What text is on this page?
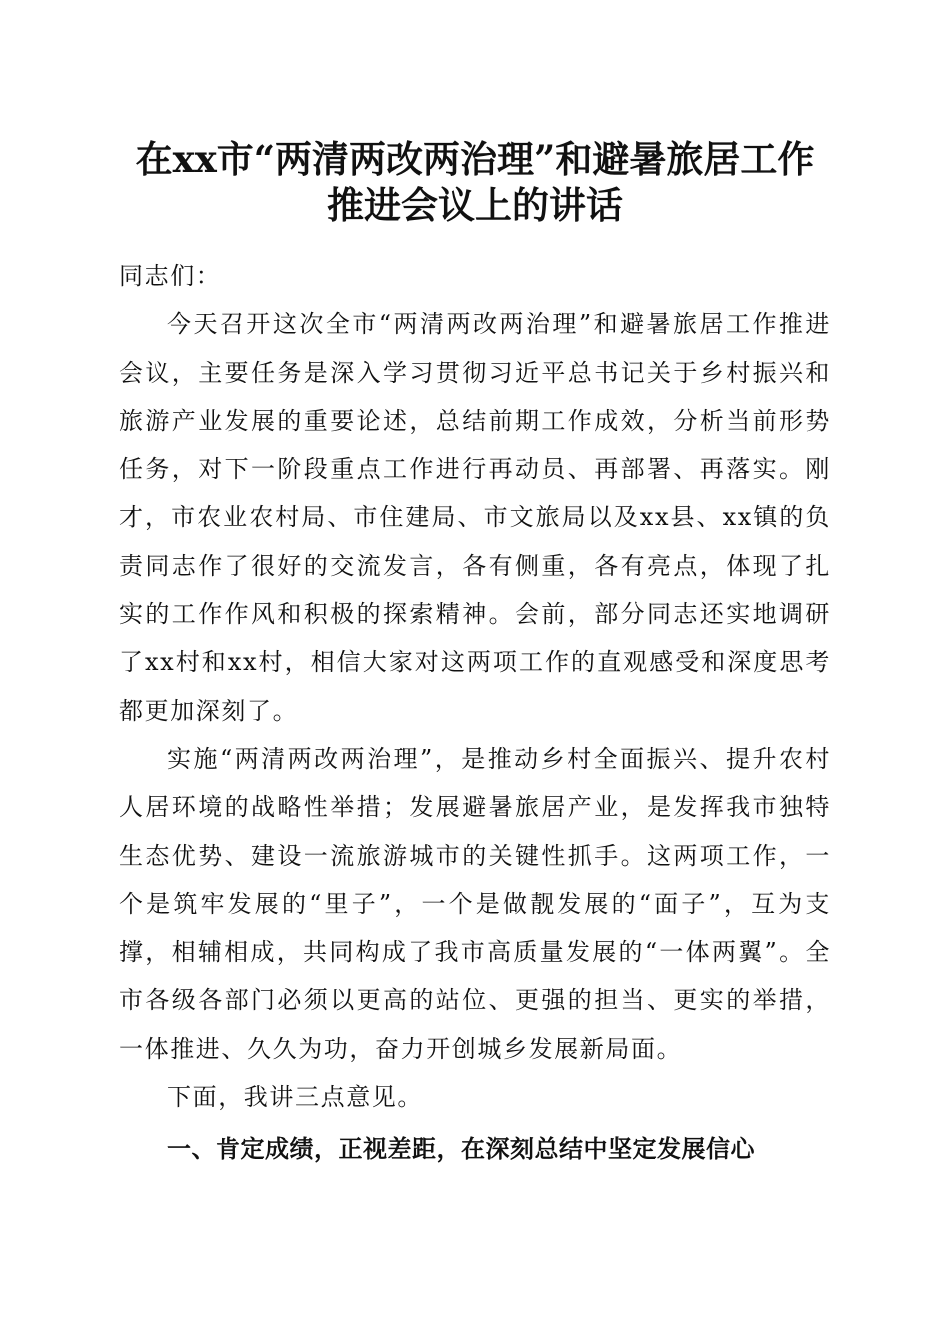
在xx市“两清两改两治理”和避暑旅居工作
推进会议上的讲话

同志们：

今天召开这次全市“两清两改两治理”和避暑旅居工作推进会议，主要任务是深入学习贯彻习近平总书记关于乡村振兴和旅游产业发展的重要论述，总结前期工作成效，分析当前形势任务，对下一阶段重点工作进行再动员、再部署、再落实。刚才，市农业农村局、市住建局、市文旅局以及xx县、xx镇的负责同志作了很好的交流发言，各有侧重，各有亮点，体现了扎实的工作作风和积极的探索精神。会前，部分同志还实地调研了xx村和xx村，相信大家对这两项工作的直观感受和深度思考都更加深刻了。

实施“两清两改两治理”，是推动乡村全面振兴、提升农村人居环境的战略性举措；发展避暑旅居产业，是发挥我市独特生态优势、建设一流旅游城市的关键性抓手。这两项工作，一个是筑牢发展的“里子”，一个是做靓发展的“面子”，互为支撑，相辅相成，共同构成了我市高质量发展的“一体两翼”。全市各级各部门必须以更高的站位、更强的担当、更实的举措，一体推进、久久为功，奋力开创城乡发展新局面。

下面，我讲三点意见。

一、肯定成绩，正视差距，在深刻总结中坚定发展信心
